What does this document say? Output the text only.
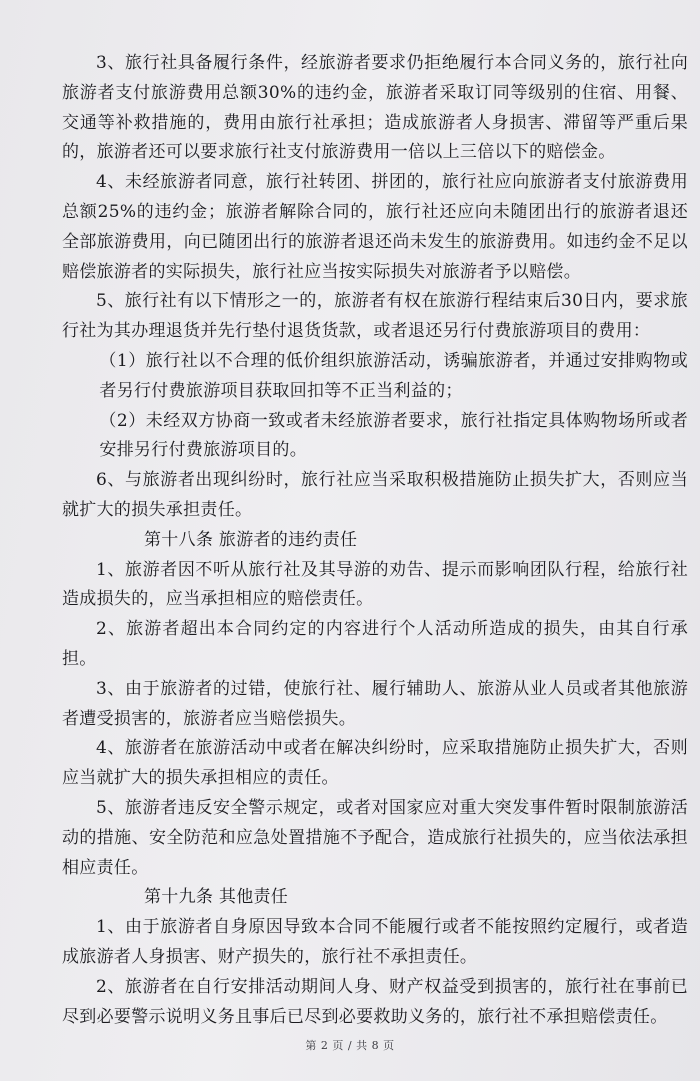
3、旅行社具备履行条件，经旅游者要求仍拒绝履行本合同义务的，旅行社向旅游者支付旅游费用总额30%的违约金，旅游者采取订同等级别的住宿、用餐、交通等补救措施的，费用由旅行社承担；造成旅游者人身损害、滞留等严重后果的，旅游者还可以要求旅行社支付旅游费用一倍以上三倍以下的赔偿金。

4、未经旅游者同意，旅行社转团、拼团的，旅行社应向旅游者支付旅游费用总额25%的违约金；旅游者解除合同的，旅行社还应向未随团出行的旅游者退还全部旅游费用，向已随团出行的旅游者退还尚未发生的旅游费用。如违约金不足以赔偿旅游者的实际损失，旅行社应当按实际损失对旅游者予以赔偿。

5、旅行社有以下情形之一的，旅游者有权在旅游行程结束后30日内，要求旅行社为其办理退货并先行垫付退货货款，或者退还另行付费旅游项目的费用：

（1）旅行社以不合理的低价组织旅游活动，诱骗旅游者，并通过安排购物或者另行付费旅游项目获取回扣等不正当利益的；

（2）未经双方协商一致或者未经旅游者要求，旅行社指定具体购物场所或者安排另行付费旅游项目的。

6、与旅游者出现纠纷时，旅行社应当采取积极措施防止损失扩大，否则应当就扩大的损失承担责任。

第十八条 旅游者的违约责任

1、旅游者因不听从旅行社及其导游的劝告、提示而影响团队行程，给旅行社造成损失的，应当承担相应的赔偿责任。

2、旅游者超出本合同约定的内容进行个人活动所造成的损失，由其自行承担。

3、由于旅游者的过错，使旅行社、履行辅助人、旅游从业人员或者其他旅游者遭受损害的，旅游者应当赔偿损失。

4、旅游者在旅游活动中或者在解决纠纷时，应采取措施防止损失扩大，否则应当就扩大的损失承担相应的责任。

5、旅游者违反安全警示规定，或者对国家应对重大突发事件暂时限制旅游活动的措施、安全防范和应急处置措施不予配合，造成旅行社损失的，应当依法承担相应责任。

第十九条 其他责任

1、由于旅游者自身原因导致本合同不能履行或者不能按照约定履行，或者造成旅游者人身损害、财产损失的，旅行社不承担责任。

2、旅游者在自行安排活动期间人身、财产权益受到损害的，旅行社在事前已尽到必要警示说明义务且事后已尽到必要救助义务的，旅行社不承担赔偿责任。

第 2 页 / 共 8 页
